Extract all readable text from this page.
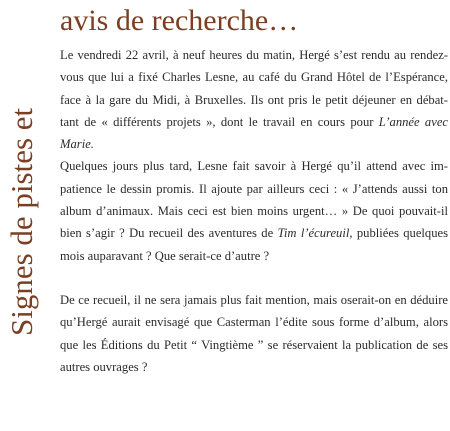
Signes de pistes et
avis de recherche…

Le vendredi 22 avril, à neuf heures du matin, Hergé s’est rendu au rendez-
vous que lui a fixé Charles Lesne, au café du Grand Hôtel de l’Espérance,
face à la gare du Midi, à Bruxelles. Ils ont pris le petit déjeuner en débat-
tant de « différents projets », dont le travail en cours pour L’année avec Marie.
Quelques jours plus tard, Lesne fait savoir à Hergé qu’il attend avec im-
patience le dessin promis. Il ajoute par ailleurs ceci : « J’attends aussi ton
album d’animaux. Mais ceci est bien moins urgent… » De quoi pouvait-il
bien s’agir ? Du recueil des aventures de Tim l’écureuil, publiées quelques
mois auparavant ? Que serait-ce d’autre ?

De ce recueil, il ne sera jamais plus fait mention, mais oserait-on en déduire
qu’Hergé aurait envisagé que Casterman l’édite sous forme d’album, alors
que les Éditions du Petit “ Vingtième ” se réservaient la publication de ses
autres ouvrages ?
